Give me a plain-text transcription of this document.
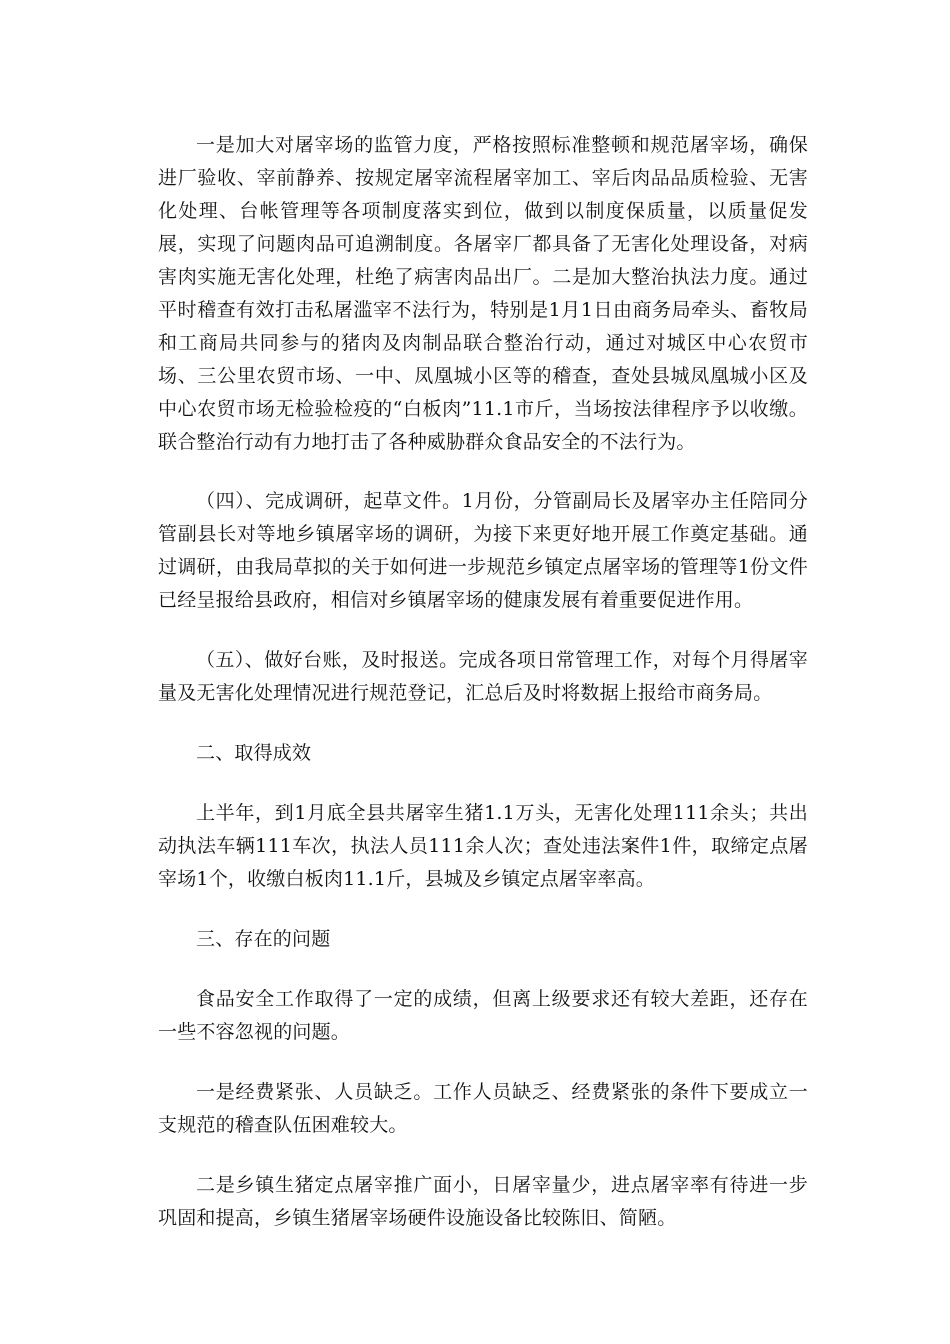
一是加大对屠宰场的监管力度，严格按照标准整顿和规范屠宰场，确保进厂验收、宰前静养、按规定屠宰流程屠宰加工、宰后肉品品质检验、无害化处理、台帐管理等各项制度落实到位，做到以制度保质量，以质量促发展，实现了问题肉品可追溯制度。各屠宰厂都具备了无害化处理设备，对病害肉实施无害化处理，杜绝了病害肉品出厂。二是加大整治执法力度。通过平时稽查有效打击私屠滥宰不法行为，特别是1月1日由商务局牵头、畜牧局和工商局共同参与的猪肉及肉制品联合整治行动，通过对城区中心农贸市场、三公里农贸市场、一中、凤凰城小区等的稽查，查处县城凤凰城小区及中心农贸市场无检验检疫的“白板肉”11.1市斤，当场按法律程序予以收缴。联合整治行动有力地打击了各种威胁群众食品安全的不法行为。

（四）、完成调研，起草文件。1月份，分管副局长及屠宰办主任陪同分管副县长对等地乡镇屠宰场的调研，为接下来更好地开展工作奠定基础。通过调研，由我局草拟的关于如何进一步规范乡镇定点屠宰场的管理等1份文件已经呈报给县政府，相信对乡镇屠宰场的健康发展有着重要促进作用。

（五）、做好台账，及时报送。完成各项日常管理工作，对每个月得屠宰量及无害化处理情况进行规范登记，汇总后及时将数据上报给市商务局。

二、取得成效

上半年，到1月底全县共屠宰生猪1.1万头，无害化处理111余头；共出动执法车辆111车次，执法人员111余人次；查处违法案件1件，取缔定点屠宰场1个，收缴白板肉11.1斤，县城及乡镇定点屠宰率高。

三、存在的问题

食品安全工作取得了一定的成绩，但离上级要求还有较大差距，还存在一些不容忽视的问题。

一是经费紧张、人员缺乏。工作人员缺乏、经费紧张的条件下要成立一支规范的稽查队伍困难较大。

二是乡镇生猪定点屠宰推广面小，日屠宰量少，进点屠宰率有待进一步巩固和提高，乡镇生猪屠宰场硬件设施设备比较陈旧、简陋。
